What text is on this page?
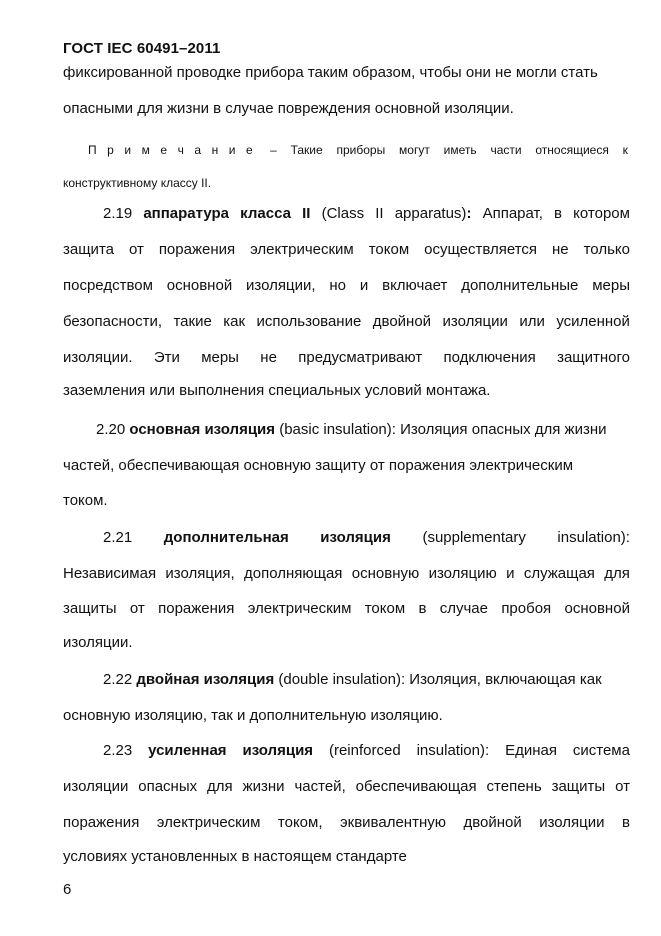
ГОСТ IEC 60491–2011
фиксированной проводке прибора таким образом, чтобы они не могли стать
опасными для жизни в случае повреждения основной изоляции.
П р и м е ч а н и е – Такие приборы могут иметь части относящиеся к
конструктивному классу II.
2.19 аппаратура класса II (Class II apparatus): Аппарат, в котором
защита от поражения электрическим током осуществляется не только
посредством основной изоляции, но и включает дополнительные меры
безопасности, такие как использование двойной изоляции или усиленной
изоляции. Эти меры не предусматривают подключения защитного
заземления или выполнения специальных условий монтажа.
2.20 основная изоляция (basic insulation): Изоляция опасных для жизни
частей, обеспечивающая основную защиту от поражения электрическим
током.
2.21 дополнительная изоляция (supplementary insulation):
Независимая изоляция, дополняющая основную изоляцию и служащая для
защиты от поражения электрическим током в случае пробоя основной
изоляции.
2.22 двойная изоляция (double insulation): Изоляция, включающая как
основную изоляцию, так и дополнительную изоляцию.
2.23 усиленная изоляция (reinforced insulation): Единая система
изоляции опасных для жизни частей, обеспечивающая степень защиты от
поражения электрическим током, эквивалентную двойной изоляции в
условиях установленных в настоящем стандарте
6
